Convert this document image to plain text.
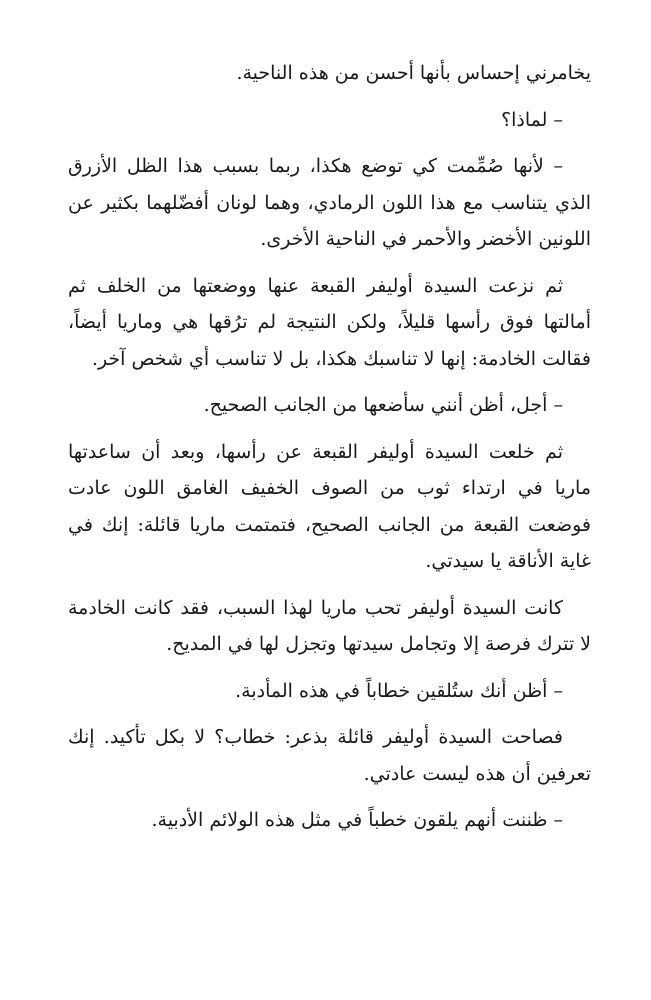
يخامرني إحساس بأنها أحسن من هذه الناحية.

– لماذا؟

– لأنها صُمِّمت كي توضع هكذا، ربما بسبب هذا الظل الأزرق الذي يتناسب مع هذا اللون الرمادي، وهما لونان أفضّلهما بكثير عن اللونين الأخضر والأحمر في الناحية الأخرى.

ثم نزعت السيدة أوليفر القبعة عنها ووضعتها من الخلف ثم أمالتها فوق رأسها قليلاً، ولكن النتيجة لم ترُقها هي وماريا أيضاً، فقالت الخادمة: إنها لا تناسبك هكذا، بل لا تناسب أي شخص آخر.

– أجل، أظن أنني سأضعها من الجانب الصحيح.

ثم خلعت السيدة أوليفر القبعة عن رأسها، وبعد أن ساعدتها ماريا في ارتداء ثوب من الصوف الخفيف الغامق اللون عادت فوضعت القبعة من الجانب الصحيح، فتمتمت ماريا قائلة: إنك في غاية الأناقة يا سيدتي.

كانت السيدة أوليفر تحب ماريا لهذا السبب، فقد كانت الخادمة لا تترك فرصة إلا وتجامل سيدتها وتجزل لها في المديح.

– أظن أنك ستُلقين خطاباً في هذه المأدبة.

فصاحت السيدة أوليفر قائلة بذعر: خطاب؟ لا بكل تأكيد. إنك تعرفين أن هذه ليست عادتي.

– ظننت أنهم يلقون خطباً في مثل هذه الولائم الأدبية.
